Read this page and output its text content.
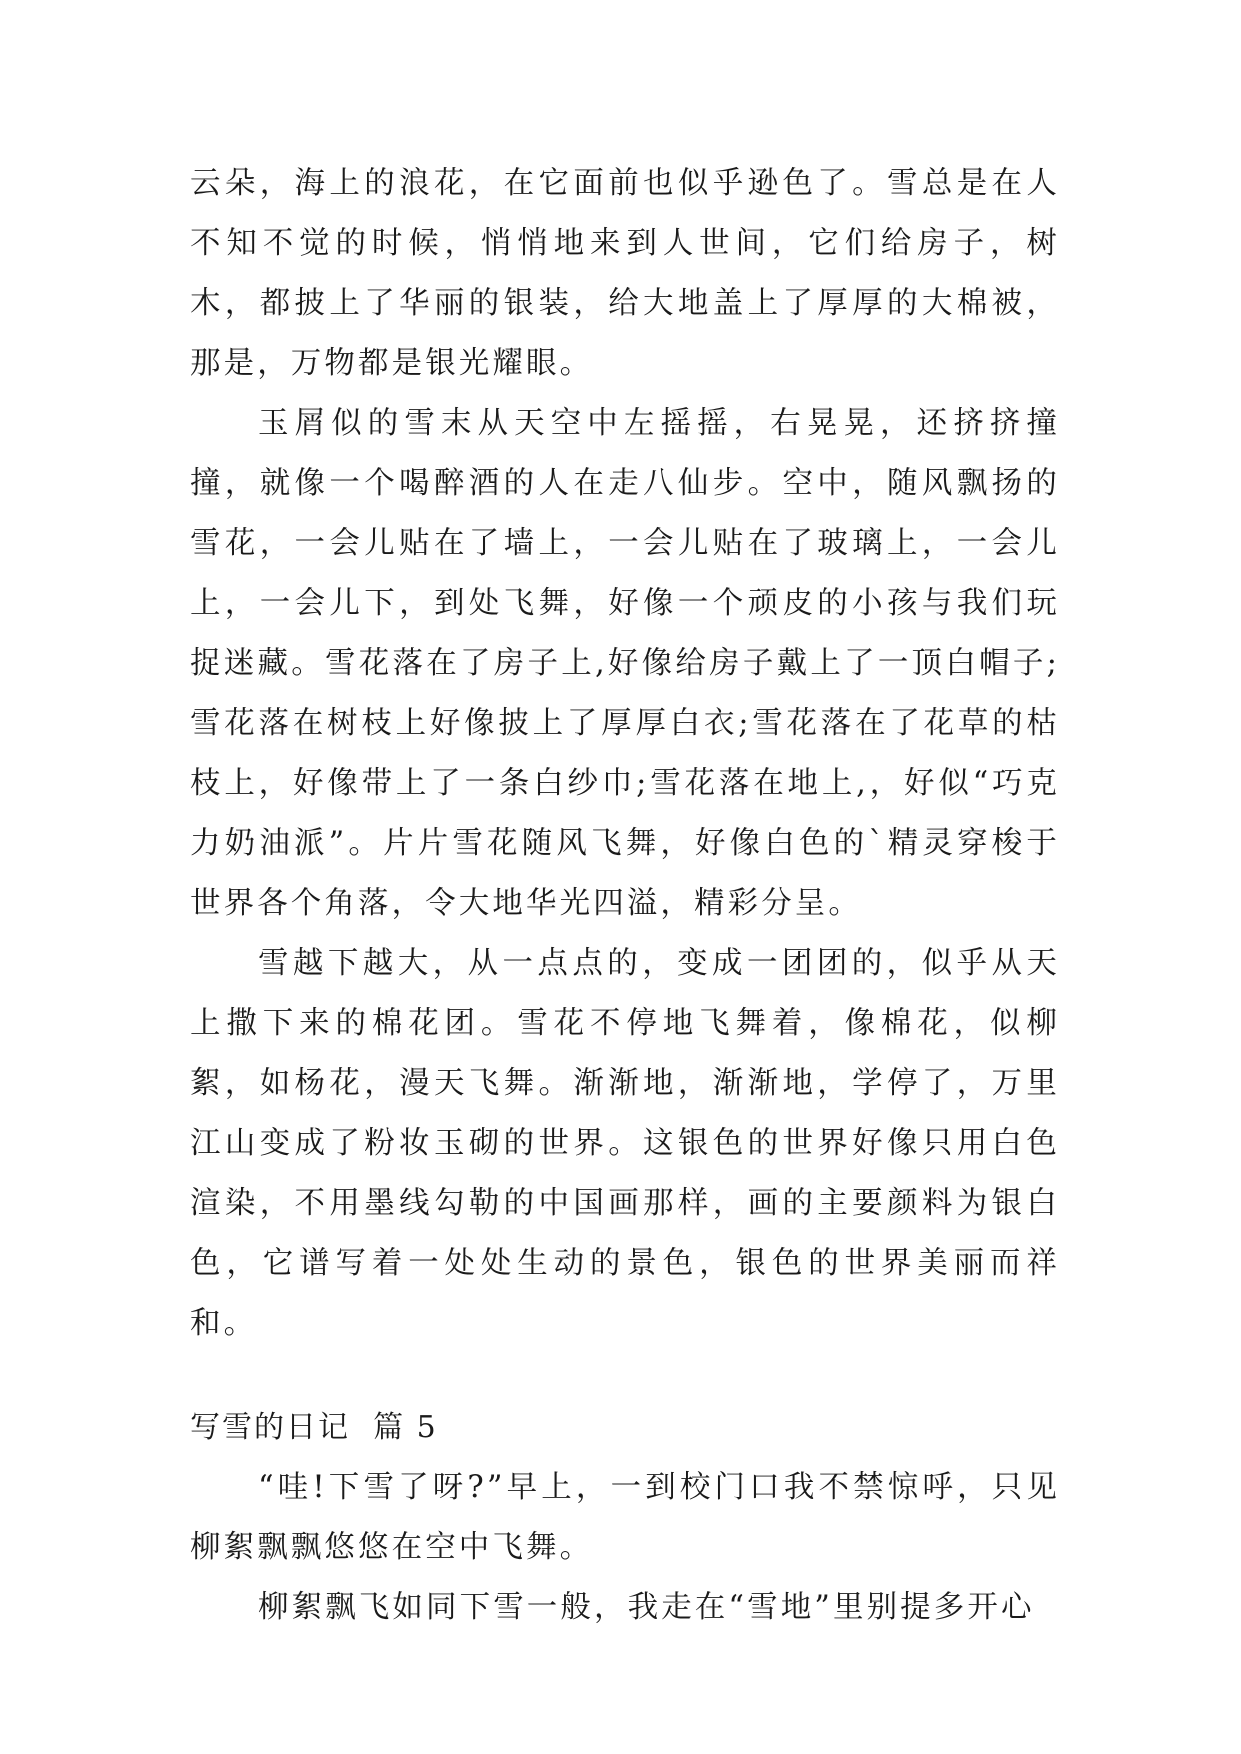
云朵，海上的浪花，在它面前也似乎逊色了。雪总是在人不知不觉的时候，悄悄地来到人世间，它们给房子，树木，都披上了华丽的银装，给大地盖上了厚厚的大棉被，那是，万物都是银光耀眼。

玉屑似的雪末从天空中左摇摇，右晃晃，还挤挤撞撞，就像一个喝醉酒的人在走八仙步。空中，随风飘扬的雪花，一会儿贴在了墙上，一会儿贴在了玻璃上，一会儿上，一会儿下，到处飞舞，好像一个顽皮的小孩与我们玩捉迷藏。雪花落在了房子上,好像给房子戴上了一顶白帽子;雪花落在树枝上好像披上了厚厚白衣;雪花落在了花草的枯枝上，好像带上了一条白纱巾;雪花落在地上,，好似“巧克力奶油派”。片片雪花随风飞舞，好像白色的`精灵穿梭于世界各个角落，令大地华光四溢，精彩分呈。

雪越下越大，从一点点的，变成一团团的，似乎从天上撒下来的棉花团。雪花不停地飞舞着，像棉花，似柳絮，如杨花，漫天飞舞。渐渐地，渐渐地，学停了，万里江山变成了粉妆玉砌的世界。这银色的世界好像只用白色渲染，不用墨线勾勒的中国画那样，画的主要颜料为银白色，它谱写着一处处生动的景色，银色的世界美丽而祥和。

写雪的日记  篇 5

“哇!下雪了呀?”早上，一到校门口我不禁惊呼，只见柳絮飘飘悠悠在空中飞舞。

柳絮飘飞如同下雪一般，我走在“雪地”里别提多开心
